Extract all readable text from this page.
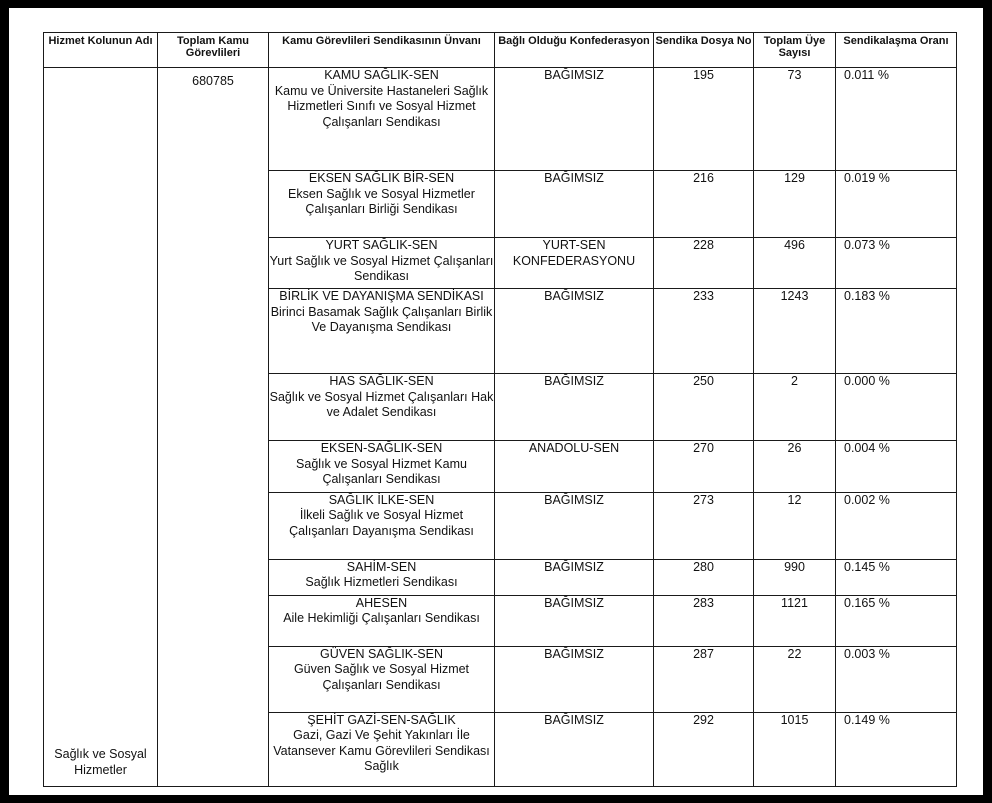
Hizmet Kolunun Adı	Toplam Kamu Görevlileri	Kamu Görevlileri Sendikasının Ünvanı	Bağlı Olduğu Konfederasyon	Sendika Dosya No	Toplam Üye Sayısı	Sendikalaşma Oranı

Sağlık ve Sosyal Hizmetler	680785	KAMU SAĞLIK-SEN
Kamu ve Üniversite Hastaneleri Sağlık Hizmetleri Sınıfı ve Sosyal Hizmet Çalışanları Sendikası	BAĞIMSIZ	195	73	0.011 %

		EKSEN SAĞLIK BİR-SEN
Eksen Sağlık ve Sosyal Hizmetler Çalışanları Birliği Sendikası	BAĞIMSIZ	216	129	0.019 %

		YURT SAĞLIK-SEN
Yurt Sağlık ve Sosyal Hizmet Çalışanları Sendikası	YURT-SEN KONFEDERASYONU	228	496	0.073 %

		BİRLİK VE DAYANIŞMA SENDİKASI
Birinci Basamak Sağlık Çalışanları Birlik Ve Dayanışma Sendikası	BAĞIMSIZ	233	1243	0.183 %

		HAS SAĞLIK-SEN
Sağlık ve Sosyal Hizmet Çalışanları Hak ve Adalet Sendikası	BAĞIMSIZ	250	2	0.000 %

		EKSEN-SAĞLIK-SEN
Sağlık ve Sosyal Hizmet Kamu Çalışanları Sendikası	ANADOLU-SEN	270	26	0.004 %

		SAĞLIK İLKE-SEN
İlkeli Sağlık ve Sosyal Hizmet Çalışanları Dayanışma Sendikası	BAĞIMSIZ	273	12	0.002 %

		SAHİM-SEN
Sağlık Hizmetleri Sendikası	BAĞIMSIZ	280	990	0.145 %

		AHESEN
Aile Hekimliği Çalışanları Sendikası	BAĞIMSIZ	283	1121	0.165 %

		GÜVEN SAĞLIK-SEN
Güven Sağlık ve Sosyal Hizmet Çalışanları Sendikası	BAĞIMSIZ	287	22	0.003 %

		ŞEHİT GAZİ-SEN-SAĞLIK
Gazi, Gazi Ve Şehit Yakınları İle Vatansever Kamu Görevlileri Sendikası Sağlık	BAĞIMSIZ	292	1015	0.149 %
